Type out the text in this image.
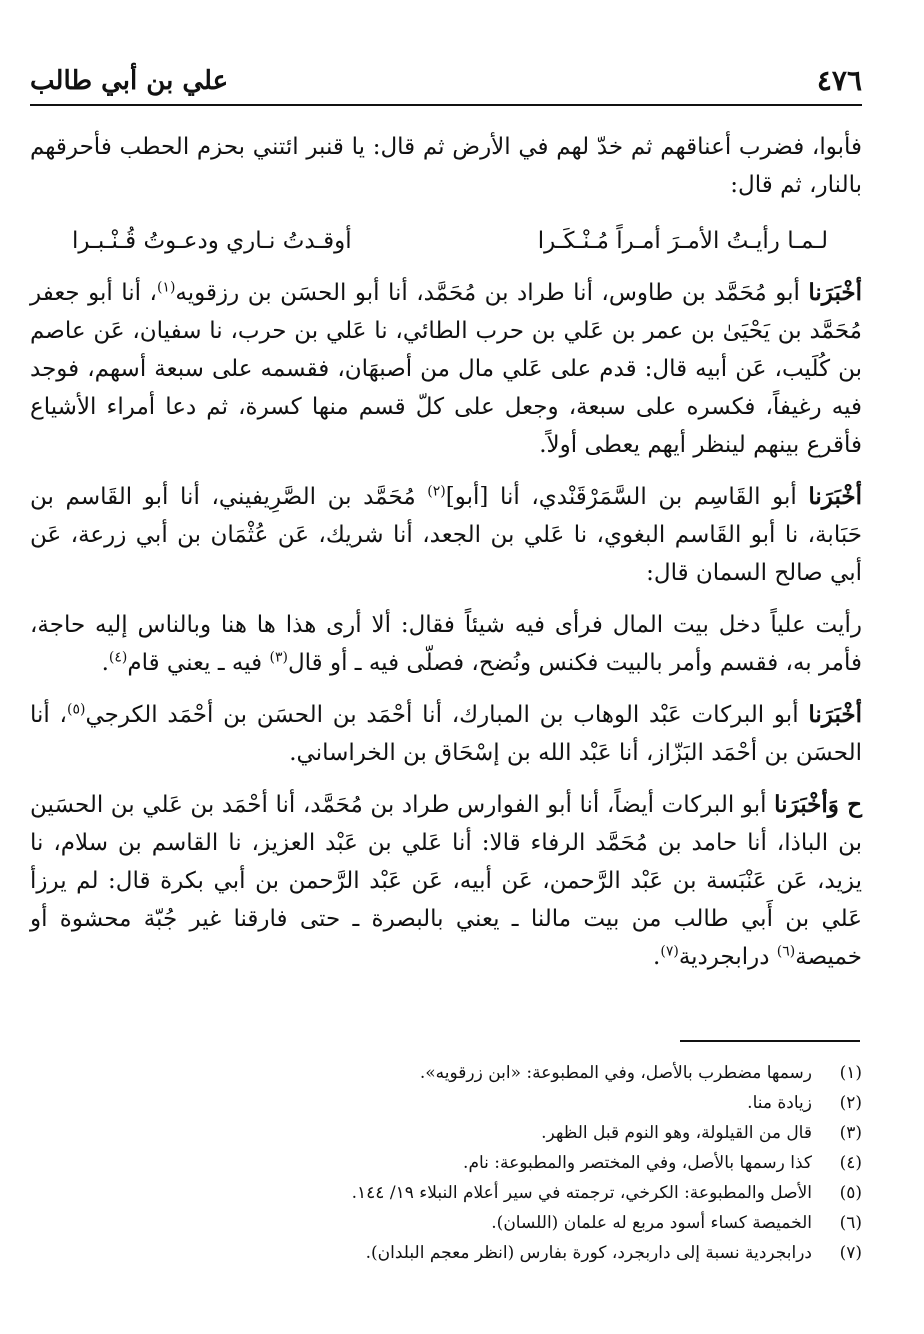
٤٧٦
علي بن أبي طالب

فأبوا، فضرب أعناقهم ثم خدّ لهم في الأرض ثم قال: يا قنبر ائتني بحزم الحطب فأحرقهم بالنار، ثم قال:

لـمـا رأيـتُ الأمـرَ أمـراً مُـنْـكَـرا
أوقـدتُ نـاري ودعـوتُ قُـنْـبـرا

أخْبَرَنا أبو مُحَمَّد بن طاوس، أنا طراد بن مُحَمَّد، أنا أبو الحسَن بن رزقويه$^{(١)}$، أنا أبو جعفر مُحَمَّد بن يَحْيَىٰ بن عمر بن عَلي بن حرب الطائي، نا عَلي بن حرب، نا سفيان، عَن عاصم بن كُلَيب، عَن أبيه قال: قدم على عَلي مال من أصبهَان، فقسمه على سبعة أسهم، فوجد فيه رغيفاً، فكسره على سبعة، وجعل على كلّ قسم منها كسرة، ثم دعا أمراء الأشياع فأقرع بينهم لينظر أيهم يعطى أولاً.

أخْبَرَنا أبو القَاسِم بن السَّمَرْقَنْدي، أنا [أبو]$^{(٢)}$ مُحَمَّد بن الصَّرِيفيني، أنا أبو القَاسم بن حَبَابة، نا أبو القَاسم البغوي، نا عَلي بن الجعد، أنا شريك، عَن عُثْمَان بن أبي زرعة، عَن أبي صالح السمان قال:

رأيت علياً دخل بيت المال فرأى فيه شيئاً فقال: ألا أرى هذا ها هنا وبالناس إليه حاجة، فأمر به، فقسم وأمر بالبيت فكنس ونُضح، فصلّى فيه ـ أو قال$^{(٣)}$ فيه ـ يعني قام$^{(٤)}$.

أخْبَرَنا أبو البركات عَبْد الوهاب بن المبارك، أنا أحْمَد بن الحسَن بن أحْمَد الكرجي$^{(٥)}$، أنا الحسَن بن أحْمَد البَزّاز، أنا عَبْد الله بن إسْحَاق بن الخراساني.

ح وَأخْبَرَنا أبو البركات أيضاً، أنا أبو الفوارس طراد بن مُحَمَّد، أنا أحْمَد بن عَلي بن الحسَين بن الباذا، أنا حامد بن مُحَمَّد الرفاء قالا: أنا عَلي بن عَبْد العزيز، نا القاسم بن سلام، نا يزيد، عَن عَنْبَسة بن عَبْد الرَّحمن، عَن أبيه، عَن عَبْد الرَّحمن بن أبي بكرة قال: لم يرزأ عَلي بن أَبي طالب من بيت مالنا ـ يعني بالبصرة ـ حتى فارقنا غير جُبّة محشوة أو خميصة$^{(٦)}$ درابجردية$^{(٧)}$.

(١)
رسمها مضطرب بالأصل، وفي المطبوعة: «ابن زرقويه».
(٢)
زيادة منا.
(٣)
قال من القيلولة، وهو النوم قبل الظهر.
(٤)
كذا رسمها بالأصل، وفي المختصر والمطبوعة: نام.
(٥)
الأصل والمطبوعة: الكرخي، ترجمته في سير أعلام النبلاء ١٩/ ١٤٤.
(٦)
الخميصة كساء أسود مربع له علمان (اللسان).
(٧)
درابجردية نسبة إلى داربجرد، كورة بفارس (انظر معجم البلدان).
